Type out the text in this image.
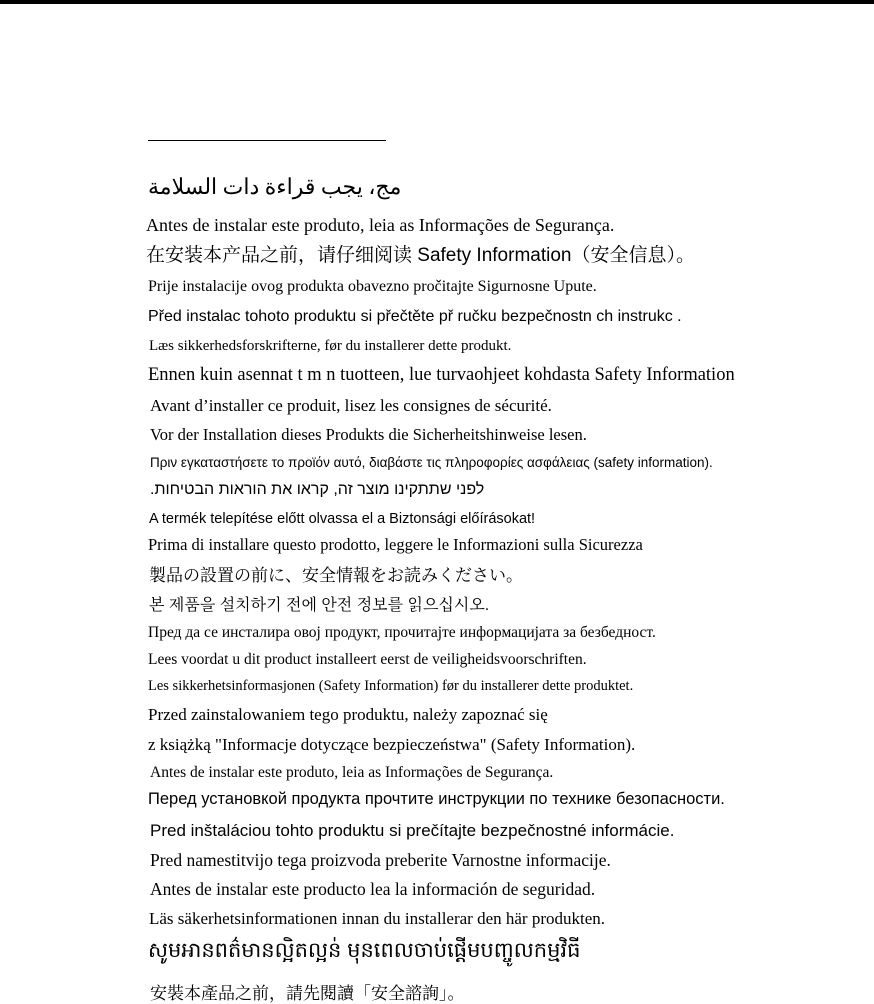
مج، يجب قراءة دات السلامة
Antes de instalar este produto, leia as Informações de Segurança.
在安装本产品之前，请仔细阅读 Safety Information（安全信息）。
Prije instalacije ovog produkta obavezno pročitajte Sigurnosne Upute.
Před instalac tohoto produktu si přečtěte př ručku bezpečnostn ch instrukc .
Læs sikkerhedsforskrifterne, før du installerer dette produkt.
Ennen kuin asennat t m n tuotteen, lue turvaohjeet kohdasta Safety Information
Avant d’installer ce produit, lisez les consignes de sécurité.
Vor der Installation dieses Produkts die Sicherheitshinweise lesen.
Πριν εγκαταστήσετε το προϊόν αυτό, διαβάστε τις πληροφορίες ασφάλειας (safety information).
לפני שתתקינו מוצר זה, קראו את הוראות הבטיחות.
A termék telepítése előtt olvassa el a Biztonsági előírásokat!
Prima di installare questo prodotto, leggere le Informazioni sulla Sicurezza
製品の設置の前に、安全情報をお読みください。
본 제품을 설치하기 전에 안전 정보를 읽으십시오.
Пред да се инсталира овој продукт, прочитајте информацијата за безбедност.
Lees voordat u dit product installeert eerst de veiligheidsvoorschriften.
Les sikkerhetsinformasjonen (Safety Information) før du installerer dette produktet.
Przed zainstalowaniem tego produktu, należy zapoznać się
z książką "Informacje dotyczące bezpieczeństwa" (Safety Information).
Antes de instalar este produto, leia as Informações de Segurança.
Перед установкой продукта прочтите инструкции по технике безопасности.
Pred inštaláciou tohto produktu si prečítajte bezpečnostné informácie.
Pred namestitvijo tega proizvoda preberite Varnostne informacije.
Antes de instalar este producto lea la información de seguridad.
Läs säkerhetsinformationen innan du installerar den här produkten.
សូមអានពត៌មានល្អិតល្អន់ មុនពេលចាប់ផ្តើមបញ្ចូលកម្មវិធី
安裝本產品之前，請先閱讀「安全諮詢」。
